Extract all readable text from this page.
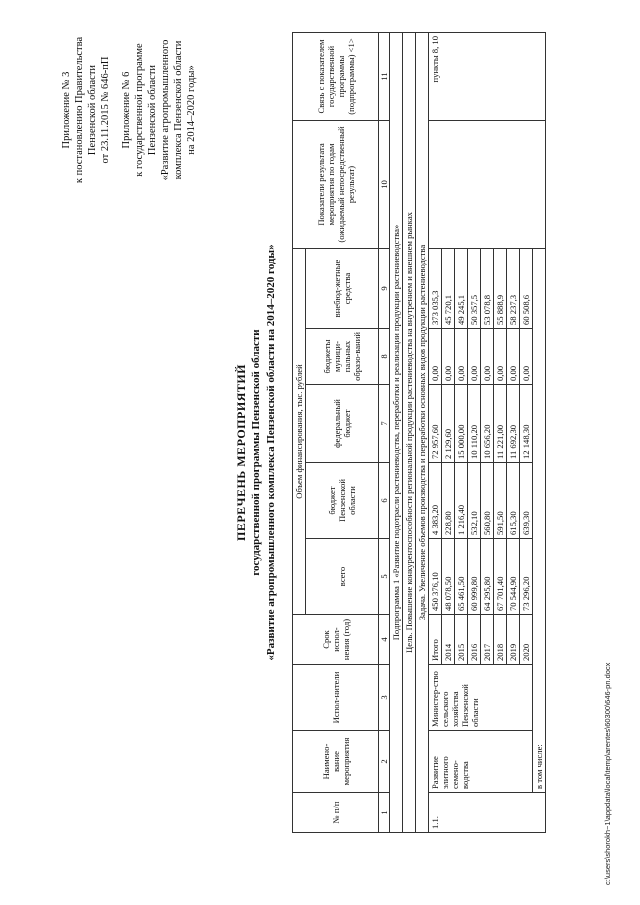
Приложение № 3 к постановлению Правительства Пензенской области от 23.11.2015 № 646-пП Приложение № 6 к государственной программе Пензенской области «Развитие агропромышленного комплекса Пензенской области на 2014–2020 годы»
ПЕРЕЧЕНЬ МЕРОПРИЯТИЙ государственной программы Пензенской области «Развитие агропромышленного комплекса Пензенской области на 2014–2020 годы»
№ п/п	Наимено-вание мероприятия	Испол-нители	Срок испол-нения (год)	Объем финансирования, тыс. рублей					Показатели результата мероприятия по годам (ожидаемый непосредственный результат)	Связь с показателем государственной программы (подпрограммы) <1>
				всего	бюджет Пензенской области	федеральный бюджет	бюджеты муници-пальных образо-ваний	внебюд-жетные средства		
1	2	3	4	5	6	7	8	9	10	11
Подпрограмма 1 «Развитие подотрасли растениеводства, переработки и реализации продукции растениеводства»										
Цель. Повышение конкурентоспособности региональной продукции растениеводства на внутреннем и внешнем рынках										
Задача. Увеличение объемов производства и переработки основных видов продукции растениеводства										
1.1.	Развитие элитного семено-водства	Министер-ство сельского хозяйства Пензенской области	Итого	450 376,10	4 383,20	72 957,60	0,00	373 035,3		пункты 8, 10
			2014	48 078,50	228,80	2 129,60	0,00	45 720,1		
			2015	65 461,50	1 216,40	15 000,00	0,00	49 245,1		
			2016	60 999,80	532,10	10 110,20	0,00	50 357,5		
			2017	64 295,80	560,80	10 656,20	0,00	53 078,8		
			2018	67 701,40	591,50	11 221,00	0,00	55 888,9		
			2019	70 544,90	615,30	11 692,30	0,00	58 237,3		
			2020	73 296,20	639,30	12 148,30	0,00	60 508,6		
	в том числе:										c:\users\shorokh~1\appdata\local\temp\arentes\60300\646-pn.docx
